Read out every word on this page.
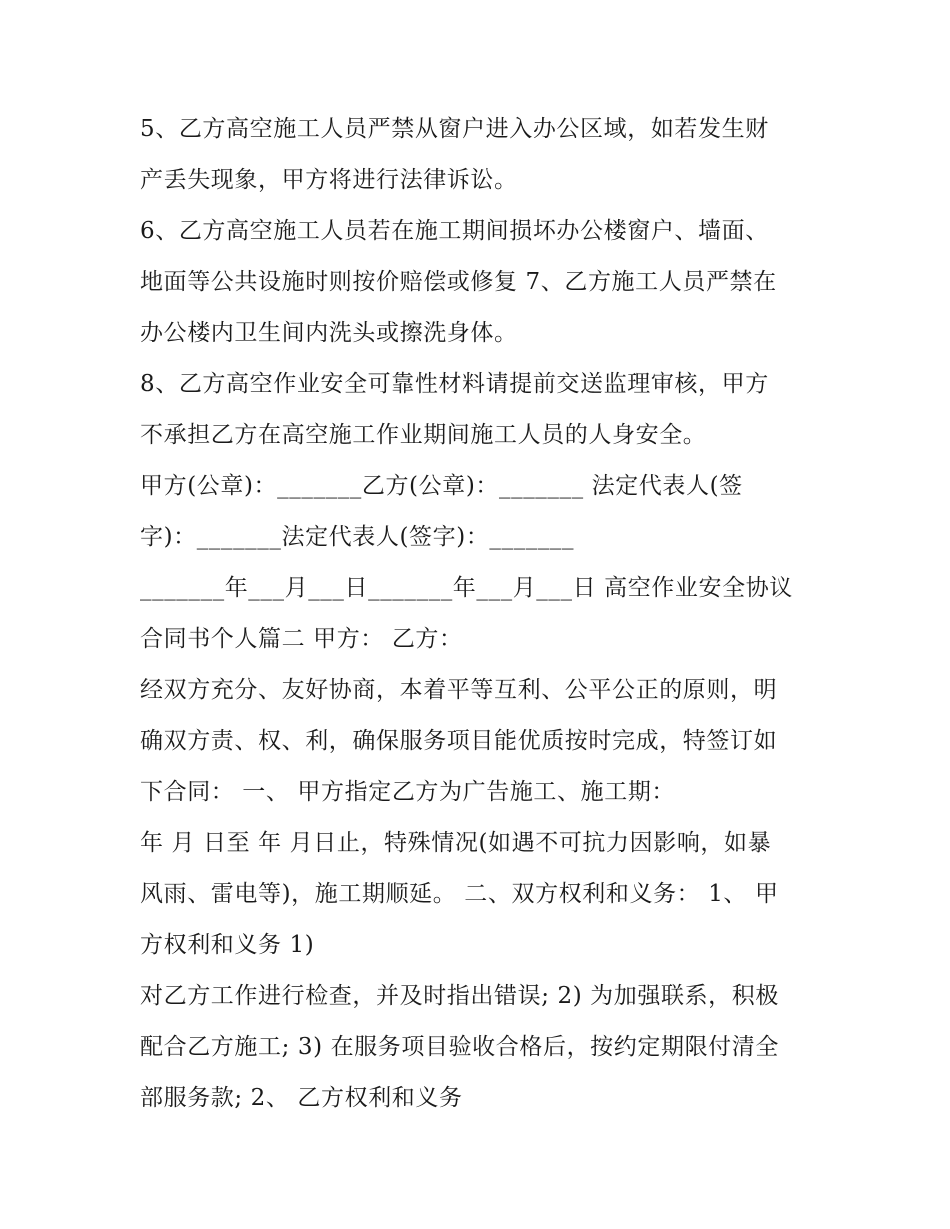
5、乙方高空施工人员严禁从窗户进入办公区域，如若发生财
产丢失现象，甲方将进行法律诉讼。
6、乙方高空施工人员若在施工期间损坏办公楼窗户、墙面、
地面等公共设施时则按价赔偿或修复 7、乙方施工人员严禁在
办公楼内卫生间内洗头或擦洗身体。
8、乙方高空作业安全可靠性材料请提前交送监理审核，甲方
不承担乙方在高空施工作业期间施工人员的人身安全。
甲方(公章)：_______乙方(公章)：_______ 法定代表人(签
字)：_______法定代表人(签字)：_______
_______年___月___日_______年___月___日 高空作业安全协议
合同书个人篇二 甲方： 乙方：
经双方充分、友好协商，本着平等互利、公平公正的原则，明
确双方责、权、利，确保服务项目能优质按时完成，特签订如
下合同： 一、 甲方指定乙方为广告施工、施工期：
年 月 日至 年 月日止，特殊情况(如遇不可抗力因影响，如暴
风雨、雷电等)，施工期顺延。 二、双方权利和义务： 1、 甲
方权利和义务 1)
对乙方工作进行检查，并及时指出错误; 2) 为加强联系，积极
配合乙方施工; 3) 在服务项目验收合格后，按约定期限付清全
部服务款; 2、 乙方权利和义务
